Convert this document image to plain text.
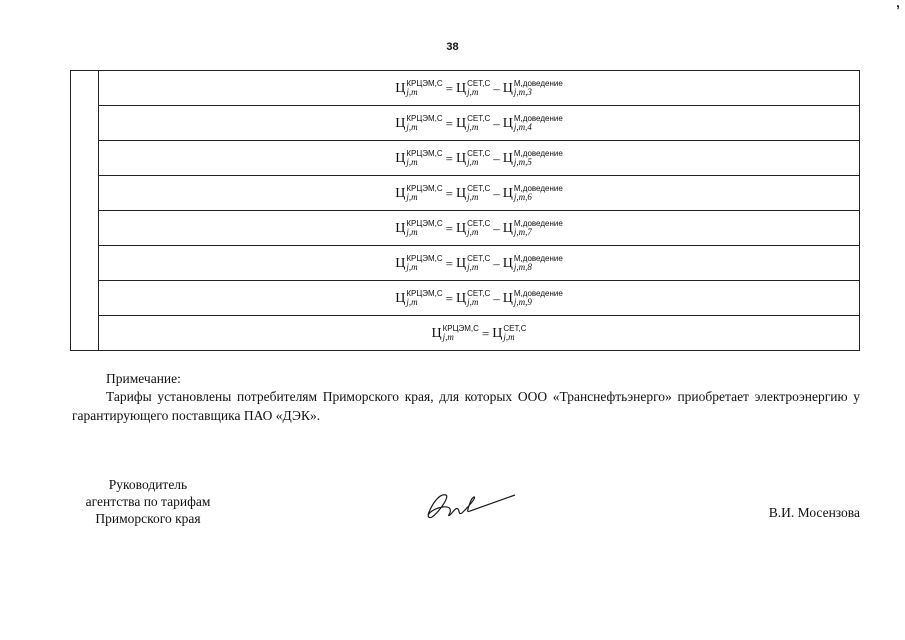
38
ʼ
	Ц КРЦЭМ,C
j,m	= Ц СЕТ,C
j,m	– Ц М,доведение
j,m,3

Ц КРЦЭМ,C
j,m	= Ц СЕТ,C
j,m	– Ц М,доведение
j,m,4

Ц КРЦЭМ,C
j,m	= Ц СЕТ,C
j,m	– Ц М,доведение
j,m,5

Ц КРЦЭМ,C
j,m	= Ц СЕТ,C
j,m	– Ц М,доведение
j,m,6

Ц КРЦЭМ,C
j,m	= Ц СЕТ,C
j,m	– Ц М,доведение
j,m,7

Ц КРЦЭМ,C
j,m	= Ц СЕТ,C
j,m	– Ц М,доведение
j,m,8

Ц КРЦЭМ,C
j,m	= Ц СЕТ,C
j,m	– Ц М,доведение
j,m,9

Ц КРЦЭМ,C
j,m	= Ц СЕТ,C
j,m
Примечание:
Тарифы установлены потребителям Приморского края, для которых ООО «Транснефтьэнерго» приобретает электроэнергию у гарантирующего поставщика ПАО «ДЭК».
Руководитель
агентства по тарифам
Приморского края	В.И. Мосензова
